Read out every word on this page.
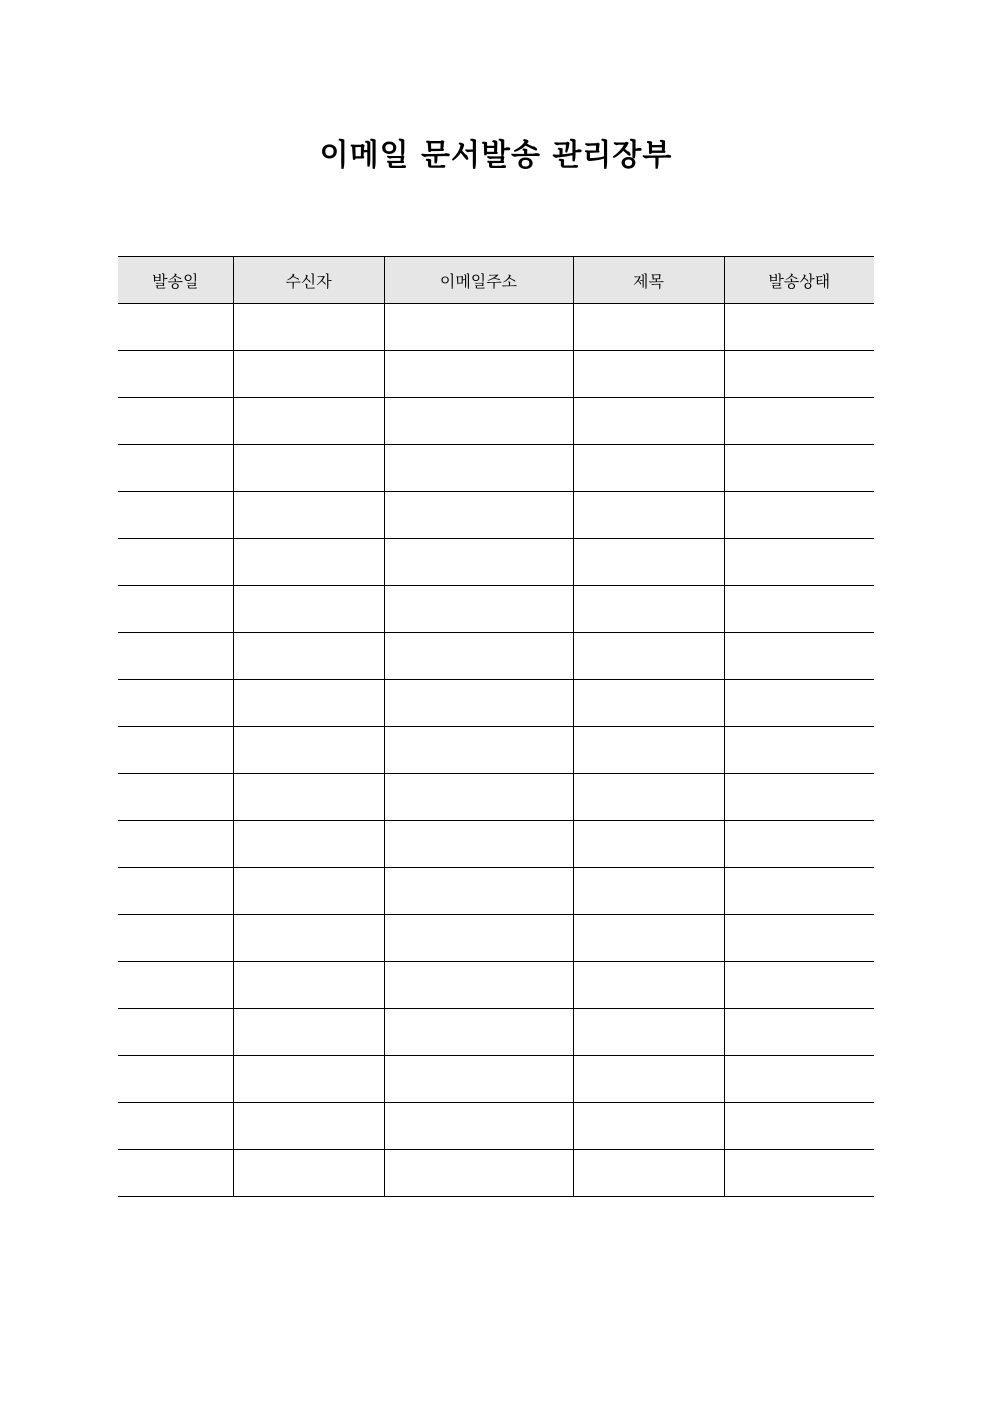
이메일 문서발송 관리장부
발송일	수신자	이메일주소	제목	발송상태
